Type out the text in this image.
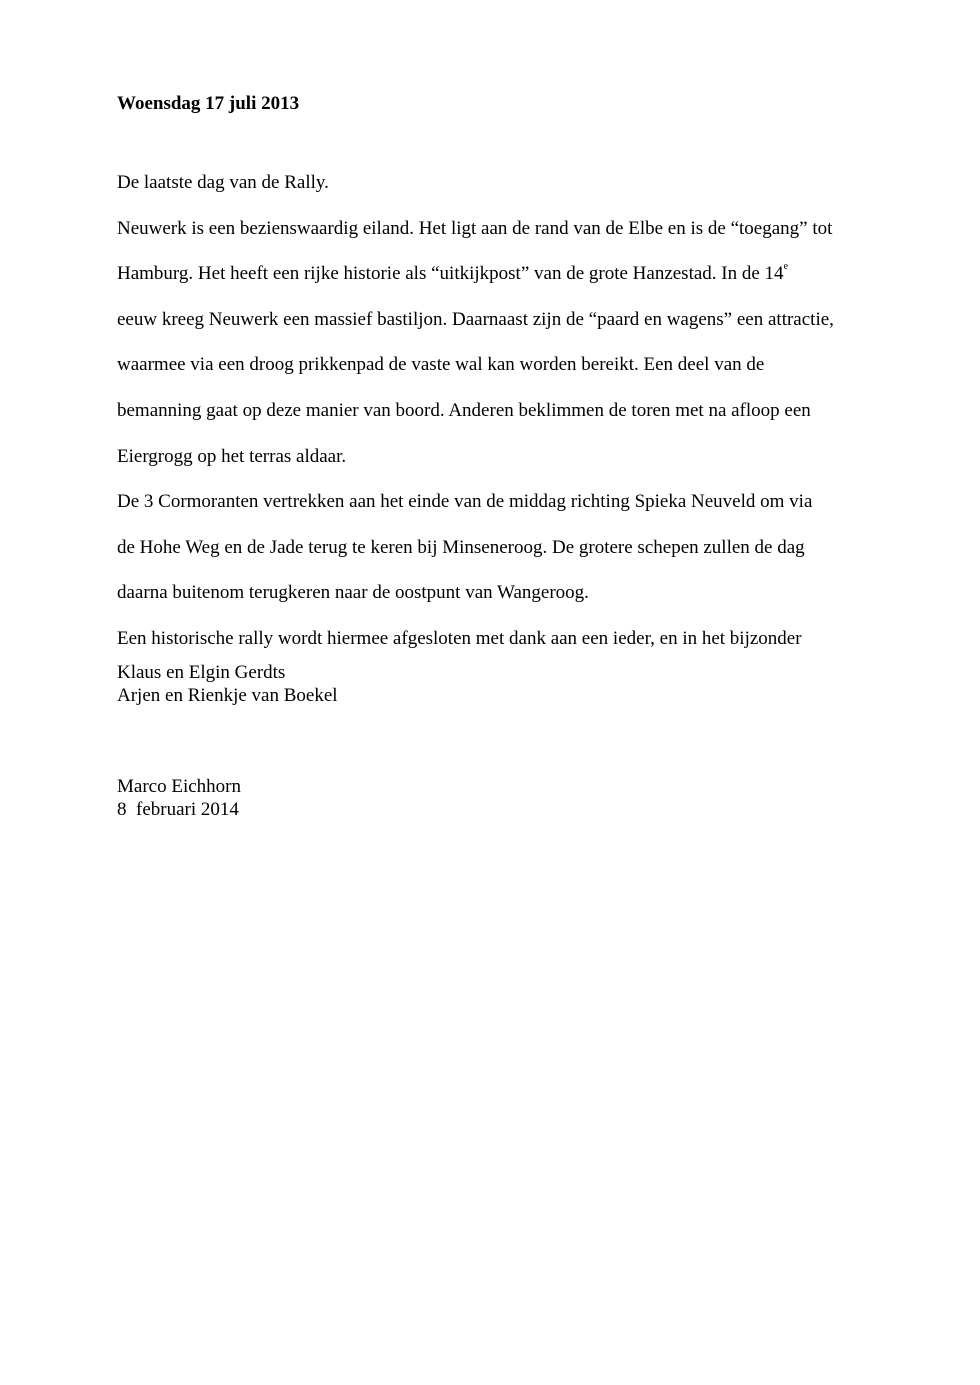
Woensdag 17 juli 2013
De laatste dag van de Rally.
Neuwerk is een bezienswaardig eiland. Het ligt aan de rand van de Elbe en is de “toegang” tot
Hamburg. Het heeft een rijke historie als “uitkijkpost” van de grote Hanzestad. In de 14e
eeuw kreeg Neuwerk een massief bastiljon. Daarnaast zijn de “paard en wagens” een attractie,
waarmee via een droog prikkenpad de vaste wal kan worden bereikt. Een deel van de
bemanning gaat op deze manier van boord. Anderen beklimmen de toren met na afloop een
Eiergrogg op het terras aldaar.
De 3 Cormoranten vertrekken aan het einde van de middag richting Spieka Neuveld om via
de Hohe Weg en de Jade terug te keren bij Minseneroog. De grotere schepen zullen de dag
daarna buitenom terugkeren naar de oostpunt van Wangeroog.
Een historische rally wordt hiermee afgesloten met dank aan een ieder, en in het bijzonder
Klaus en Elgin Gerdts
Arjen en Rienkje van Boekel
Marco Eichhorn
8  februari 2014
